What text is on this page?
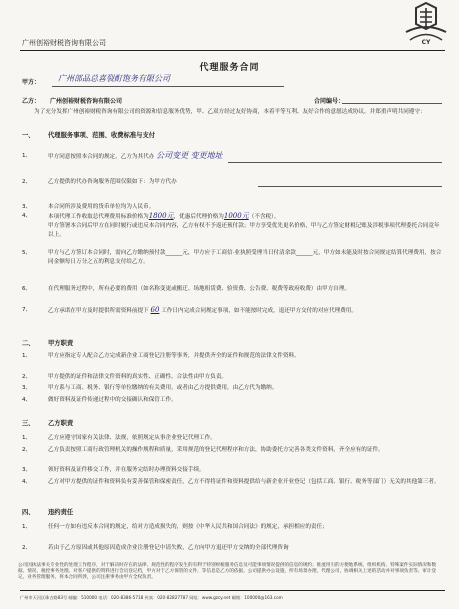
广州创裕财税咨询有限公司	CY
代理服务合同
甲方： 广州部品总喜裂酊饱务有限公司
乙方： 广州创裕财税咨询有限公司	合同编号：
为了充分发挥广州创裕财税咨询有限公司的资源和信息服务优势，甲、乙双方经过友好协商，本着平等互利、友好合作的意愿达成协议，并郑重声明共同遵守：
一、 代理服务事项、范围、收费标准与支付
1、	甲方同意按照本合同的规定，乙方为其代办 公司变更 变更地址
2、	乙方提供的代办咨询服务范围仅限如下：为甲方代办
3、	本合同所涉及费用的货币单位均为人民币。
4、	本项代理工作收取总代理费用标准价格为1800元，优惠后代理价格为1000元（不含税）。
甲方签署本合同后甲方在同时履行或违反本合同内容，乙方有权不予返还预付款；甲方享受优先更名价格，甲与乙方签定财税记账及涉税事项代理委托合同竟年以上。
5、	甲方与乙方签订本合同时，需向乙方缴纳预付款______元，甲方应于工商信·业执照受理当日付清余款______元，甲方如未能及时按合同规定结算代理费用，按合同金额每日万分之五的利息支付给乙方。
6、	在代理服务过程中，所有必要的费用（如名称变更或搬迁、场地租赁费、验资费、公告费、税费等政府收费）由甲方自理。
7、	乙方承诺在甲方及时提供所需资料前提下 60 工作日内完成合同规定事项，如不能按时完成，退还甲方交付的对应代理费用。
二、 甲方职责
1、	甲方应指定专人配合乙方完成新企业工商登记注册等事务，并提供齐全的证件和规范的法律文件资料。
2、	甲方提供的证件和法律文件资料的真实性、正确性、合法性由甲方负责。
3、	甲方系与工商、税务、银行等单位缴纳的有关费用，或者由乙方提供费用，由乙方代为缴纳。
4、	做好资料及证件传递过程中的交接确认和保管工作。
三、 乙方职责
1、	乙方应遵守国家有关法律、法规，依照规定从事企业登记代理工作。
2、	乙方负责按照工商行政管理机关的操作规程和质量，采用规范的登记代理程序和方法，协助委托方完善各类文件资料，齐全应有的证件。
3、	领好资料及证件移交工作，并在服务完结时办理资料交接手续。
4、	乙方对甲方提供的证件和资料负有妥善保管和保密责任，乙方不得将证件和资料提供给与新企业开业登记（包括工商、银行、税务等部门）无关的其他第三者。
四、 违约责任
1、	任何一方如有违反本合同的规定，给对方造成损失的，则按《中华人民共和国合同法》的规定，承担相应的责任；
2、	若由于乙方原因或其他原因造成企业注册登记中请失败，乙方向甲方退还甲方交纳的全部代理咨询
公司因执法事关专业性的处理工作程序，对于解决时存在的法律、规范性的程序发生的有利于特别财税服务信息及可能事项情况提供的信息的规约；推流用引的方便地系统、组织机构、特殊案件实际情况和数据、情况、税控事务处理。对客户提供的资料进行会员登记档，甲方对于乙方保管的文件，等信息是乙方的依据。公司提供办公设施，所有场景办理，代理公司，协调相关上述的活动并对事项负责等。审计登记，业务管理服务，将本合同所涉，公司注册事务由甲方全权负责。
广州市天河区珠吉路83号 邮编：510000 电话：020-8386-5718 传真：020-82827787 网址：www.gzcy.net 邮箱：100000@163.com
